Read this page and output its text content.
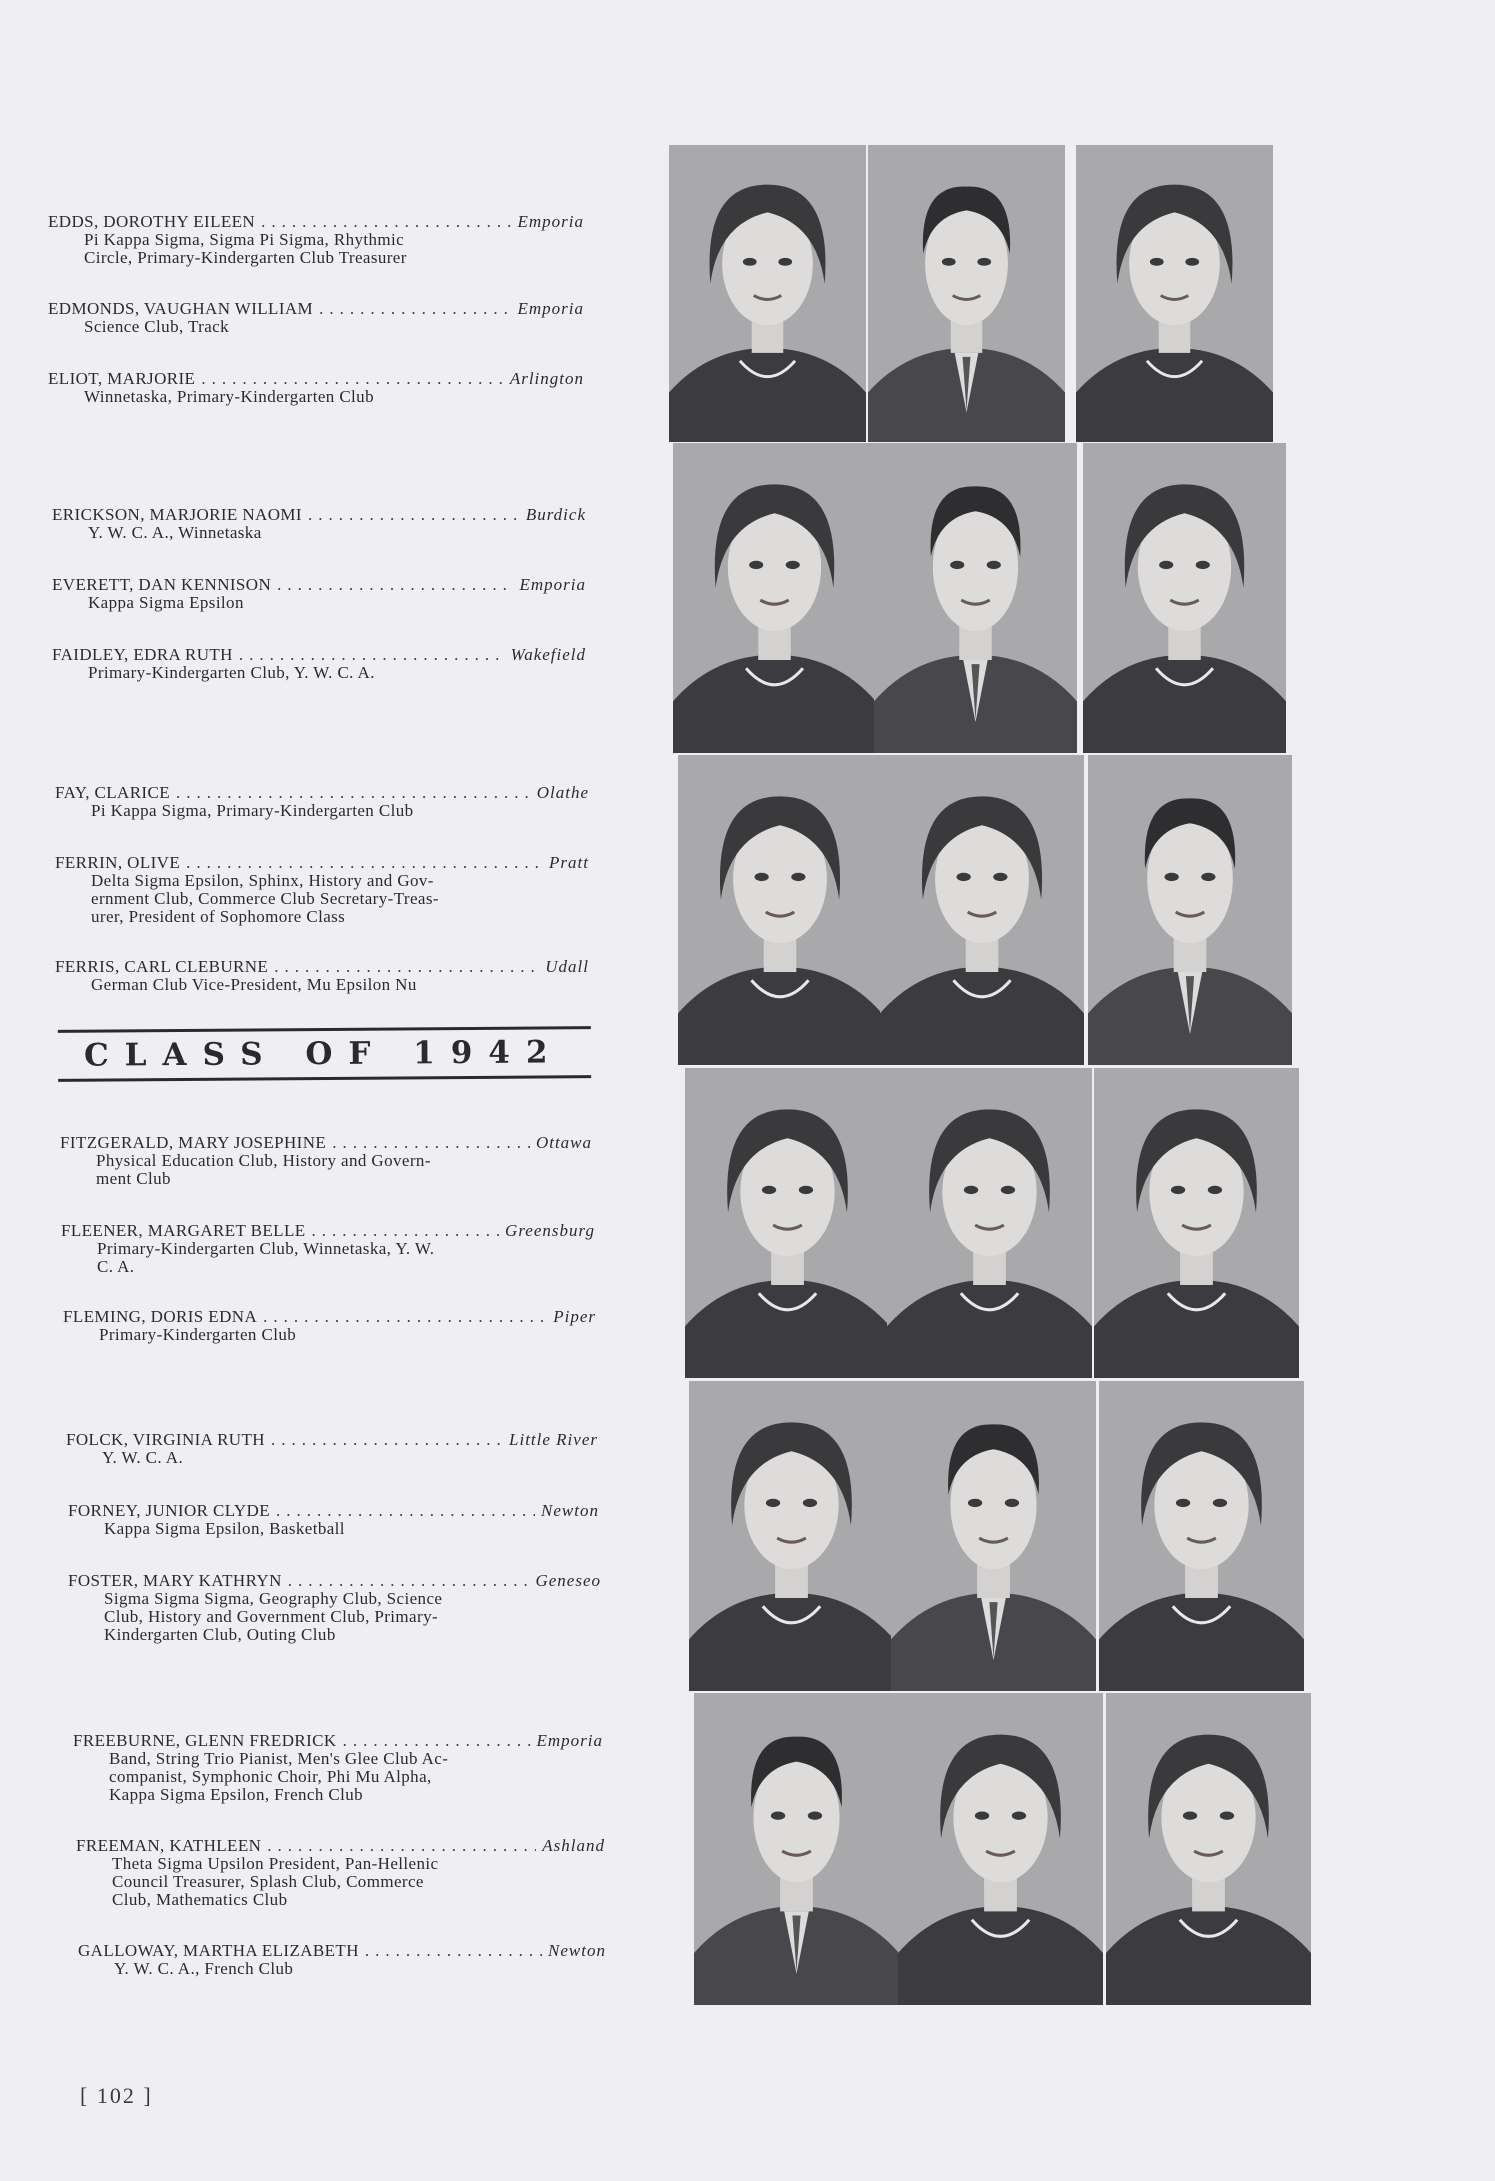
EDDS, DOROTHY EILEEN .....	Emporia
Pi Kappa Sigma, Sigma Pi Sigma, Rhythmic
Circle, Primary-Kindergarten Club Treasurer
EDMONDS, VAUGHAN WILLIAM .....	Emporia
Science Club, Track
ELIOT, MARJORIE .....	Arlington
Winnetaska, Primary-Kindergarten Club
ERICKSON, MARJORIE NAOMI .....	Burdick
Y. W. C. A., Winnetaska
EVERETT, DAN KENNISON .....	Emporia
Kappa Sigma Epsilon
FAIDLEY, EDRA RUTH .....	Wakefield
Primary-Kindergarten Club, Y. W. C. A.
FAY, CLARICE .....	Olathe
Pi Kappa Sigma, Primary-Kindergarten Club
FERRIN, OLIVE .....	Pratt
Delta Sigma Epsilon, Sphinx, History and Gov-
ernment Club, Commerce Club Secretary-Treas-
urer, President of Sophomore Class
FERRIS, CARL CLEBURNE .....	Udall
German Club Vice-President, Mu Epsilon Nu
CLASS OF 1942
FITZGERALD, MARY JOSEPHINE .....	Ottawa
Physical Education Club, History and Govern-
ment Club
FLEENER, MARGARET BELLE .....	Greensburg
Primary-Kindergarten Club, Winnetaska, Y. W.
C. A.
FLEMING, DORIS EDNA .....	Piper
Primary-Kindergarten Club
FOLCK, VIRGINIA RUTH .....	Little River
Y. W. C. A.
FORNEY, JUNIOR CLYDE .....	Newton
Kappa Sigma Epsilon, Basketball
FOSTER, MARY KATHRYN .....	Geneseo
Sigma Sigma Sigma, Geography Club, Science
Club, History and Government Club, Primary-
Kindergarten Club, Outing Club
FREEBURNE, GLENN FREDRICK .....	Emporia
Band, String Trio Pianist, Men's Glee Club Ac-
companist, Symphonic Choir, Phi Mu Alpha,
Kappa Sigma Epsilon, French Club
FREEMAN, KATHLEEN .....	Ashland
Theta Sigma Upsilon President, Pan-Hellenic
Council Treasurer, Splash Club, Commerce
Club, Mathematics Club
GALLOWAY, MARTHA ELIZABETH .....	Newton
Y. W. C. A., French Club
[ 102 ]
